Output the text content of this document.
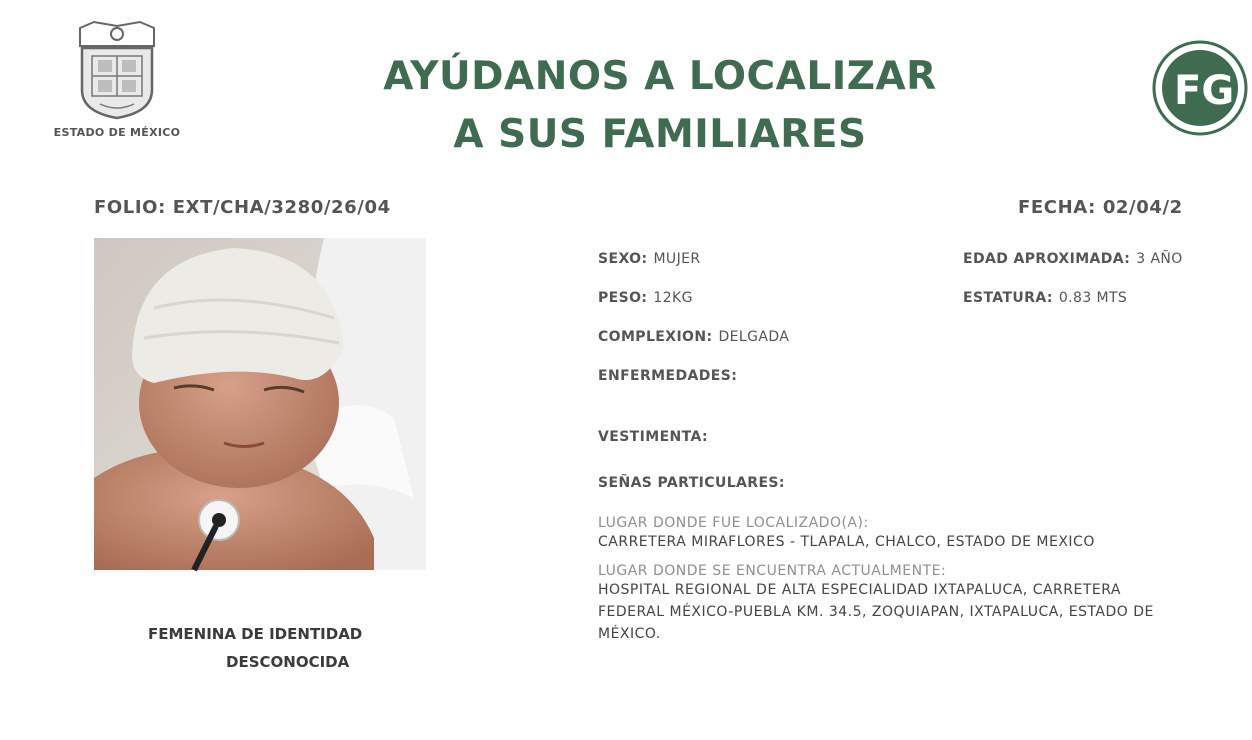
ESTADO DE MÉXICO
AYÚDANOS A LOCALIZAR
A SUS FAMILIARES
FG
FOLIO: EXT/CHA/3280/26/04	FECHA: 02/04/2
FEMENINA DE IDENTIDAD
DESCONOCIDA
SEXO: MUJER
PESO: 12KG
COMPLEXION: DELGADA
ENFERMEDADES:
VESTIMENTA:
SEÑAS PARTICULARES:
EDAD APROXIMADA: 3 AÑO
ESTATURA: 0.83 MTS
LUGAR DONDE FUE LOCALIZADO(A):
CARRETERA MIRAFLORES - TLAPALA, CHALCO, ESTADO DE MEXICO
LUGAR DONDE SE ENCUENTRA ACTUALMENTE:
HOSPITAL REGIONAL DE ALTA ESPECIALIDAD IXTAPALUCA, CARRETERA
FEDERAL MÉXICO-PUEBLA KM. 34.5, ZOQUIAPAN, IXTAPALUCA, ESTADO DE
MÉXICO.
